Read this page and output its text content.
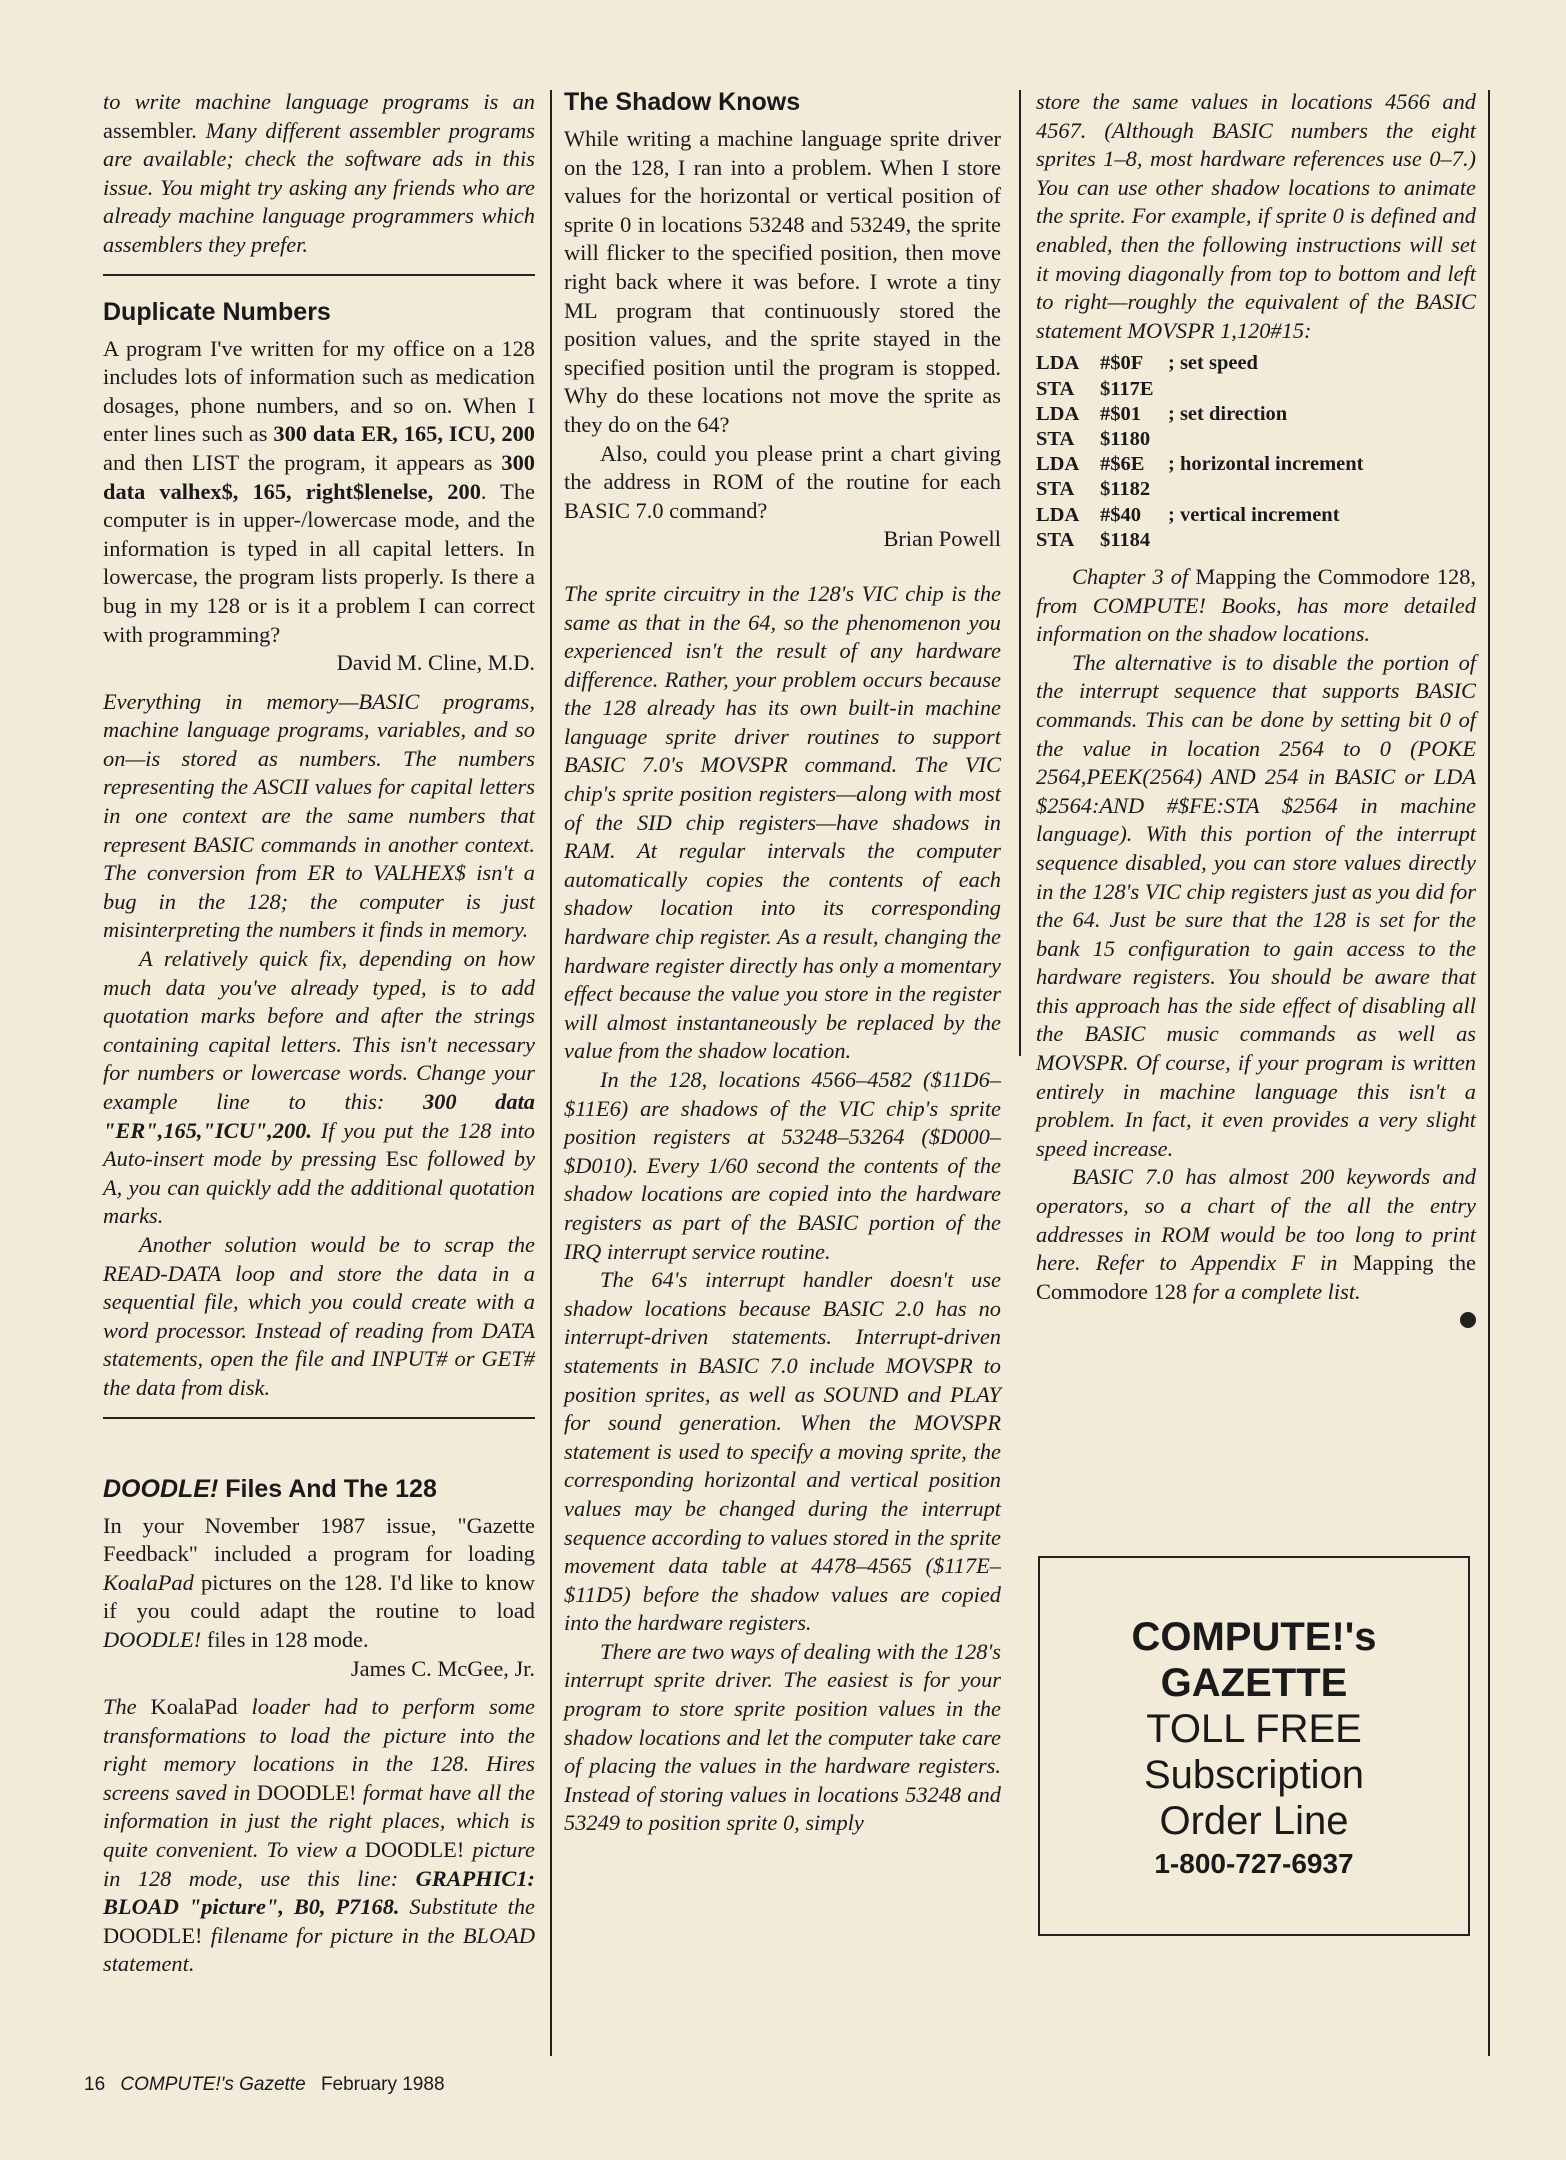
to write machine language programs is an assembler. Many different assembler programs are available; check the software ads in this issue. You might try asking any friends who are already machine language programmers which assemblers they prefer.

Duplicate Numbers

A program I've written for my office on a 128 includes lots of information such as medication dosages, phone numbers, and so on. When I enter lines such as 300 data ER, 165, ICU, 200 and then LIST the program, it appears as 300 data valhex$, 165, right$lenelse, 200. The computer is in upper-/lowercase mode, and the information is typed in all capital letters. In lowercase, the program lists properly. Is there a bug in my 128 or is it a problem I can correct with programming?

David M. Cline, M.D.

Everything in memory—BASIC programs, machine language programs, variables, and so on—is stored as numbers. The numbers representing the ASCII values for capital letters in one context are the same numbers that represent BASIC commands in another context. The conversion from ER to VALHEX$ isn't a bug in the 128; the computer is just misinterpreting the numbers it finds in memory.

A relatively quick fix, depending on how much data you've already typed, is to add quotation marks before and after the strings containing capital letters. This isn't necessary for numbers or lowercase words. Change your example line to this: 300 data "ER",165,"ICU",200. If you put the 128 into Auto-insert mode by pressing Esc followed by A, you can quickly add the additional quotation marks.

Another solution would be to scrap the READ-DATA loop and store the data in a sequential file, which you could create with a word processor. Instead of reading from DATA statements, open the file and INPUT# or GET# the data from disk.

DOODLE! Files And The 128

In your November 1987 issue, "Gazette Feedback" included a program for loading KoalaPad pictures on the 128. I'd like to know if you could adapt the routine to load DOODLE! files in 128 mode.

James C. McGee, Jr.

The KoalaPad loader had to perform some transformations to load the picture into the right memory locations in the 128. Hires screens saved in DOODLE! format have all the information in just the right places, which is quite convenient. To view a DOODLE! picture in 128 mode, use this line: GRAPHIC1: BLOAD "picture", B0, P7168. Substitute the DOODLE! filename for picture in the BLOAD statement.

The Shadow Knows

While writing a machine language sprite driver on the 128, I ran into a problem. When I store values for the horizontal or vertical position of sprite 0 in locations 53248 and 53249, the sprite will flicker to the specified position, then move right back where it was before. I wrote a tiny ML program that continuously stored the position values, and the sprite stayed in the specified position until the program is stopped. Why do these locations not move the sprite as they do on the 64?

Also, could you please print a chart giving the address in ROM of the routine for each BASIC 7.0 command?

Brian Powell

The sprite circuitry in the 128's VIC chip is the same as that in the 64, so the phenomenon you experienced isn't the result of any hardware difference. Rather, your problem occurs because the 128 already has its own built-in machine language sprite driver routines to support BASIC 7.0's MOVSPR command. The VIC chip's sprite position registers—along with most of the SID chip registers—have shadows in RAM. At regular intervals the computer automatically copies the contents of each shadow location into its corresponding hardware chip register. As a result, changing the hardware register directly has only a momentary effect because the value you store in the register will almost instantaneously be replaced by the value from the shadow location.

In the 128, locations 4566–4582 ($11D6–$11E6) are shadows of the VIC chip's sprite position registers at 53248–53264 ($D000–$D010). Every 1/60 second the contents of the shadow locations are copied into the hardware registers as part of the BASIC portion of the IRQ interrupt service routine.

The 64's interrupt handler doesn't use shadow locations because BASIC 2.0 has no interrupt-driven statements. Interrupt-driven statements in BASIC 7.0 include MOVSPR to position sprites, as well as SOUND and PLAY for sound generation. When the MOVSPR statement is used to specify a moving sprite, the corresponding horizontal and vertical position values may be changed during the interrupt sequence according to values stored in the sprite movement data table at 4478–4565 ($117E–$11D5) before the shadow values are copied into the hardware registers.

There are two ways of dealing with the 128's interrupt sprite driver. The easiest is for your program to store sprite position values in the shadow locations and let the computer take care of placing the values in the hardware registers. Instead of storing values in locations 53248 and 53249 to position sprite 0, simply

store the same values in locations 4566 and 4567. (Although BASIC numbers the eight sprites 1–8, most hardware references use 0–7.) You can use other shadow locations to animate the sprite. For example, if sprite 0 is defined and enabled, then the following instructions will set it moving diagonally from top to bottom and left to right—roughly the equivalent of the BASIC statement MOVSPR 1,120#15:

LDA	#$0F	; set speed
STA	$117E
LDA	#$01	; set direction
STA	$1180
LDA	#$6E	; horizontal increment
STA	$1182
LDA	#$40	; vertical increment
STA	$1184

Chapter 3 of Mapping the Commodore 128, from COMPUTE! Books, has more detailed information on the shadow locations.

The alternative is to disable the portion of the interrupt sequence that supports BASIC commands. This can be done by setting bit 0 of the value in location 2564 to 0 (POKE 2564,PEEK(2564) AND 254 in BASIC or LDA $2564:AND #$FE:STA $2564 in machine language). With this portion of the interrupt sequence disabled, you can store values directly in the 128's VIC chip registers just as you did for the 64. Just be sure that the 128 is set for the bank 15 configuration to gain access to the hardware registers. You should be aware that this approach has the side effect of disabling all the BASIC music commands as well as MOVSPR. Of course, if your program is written entirely in machine language this isn't a problem. In fact, it even provides a very slight speed increase.

BASIC 7.0 has almost 200 keywords and operators, so a chart of the all the entry addresses in ROM would be too long to print here. Refer to Appendix F in Mapping the Commodore 128 for a complete list.

COMPUTE!'s
GAZETTE
TOLL FREE
Subscription
Order Line
1-800-727-6937
16 COMPUTE!'s Gazette February 1988
